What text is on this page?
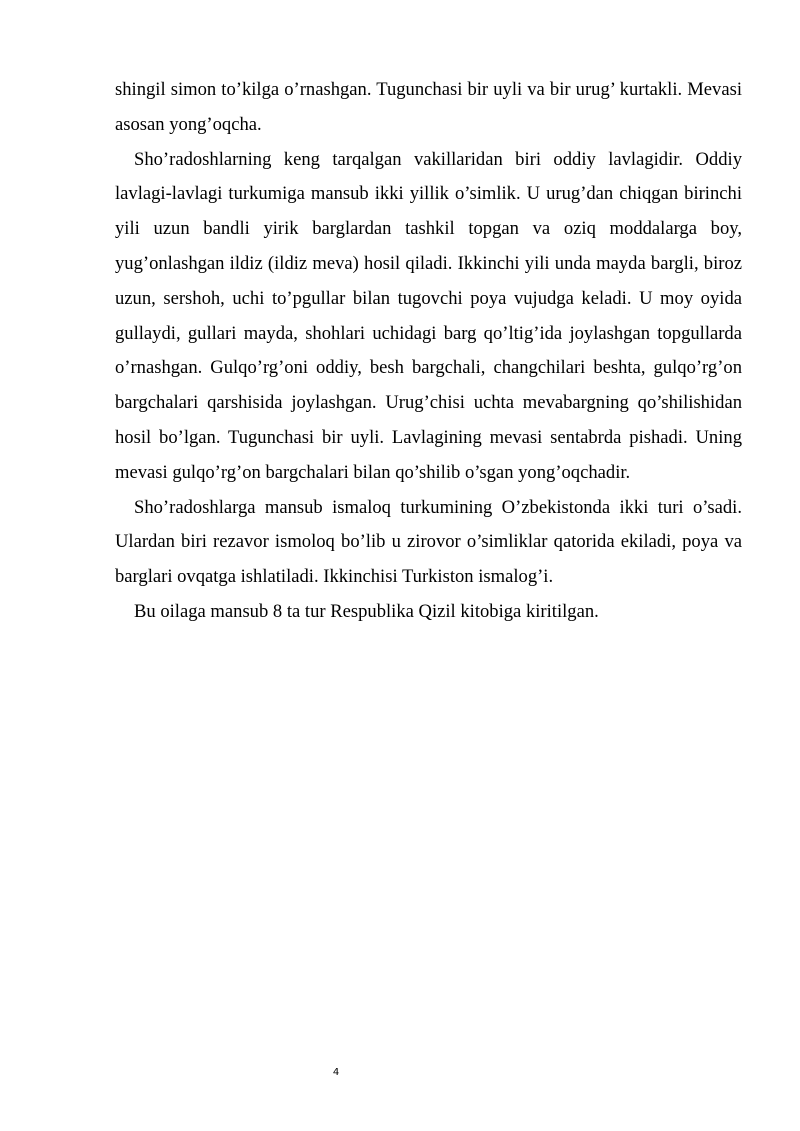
shingil simon to’kilga o’rnashgan. Tugunchasi bir uyli va bir urug’ kurtakli. Mevasi asosan yong’oqcha.

Sho’radoshlarning keng tarqalgan vakillaridan biri oddiy lavlagidir. Oddiy lavlagi-lavlagi turkumiga mansub ikki yillik o’simlik. U urug’dan chiqgan birinchi yili uzun bandli yirik barglardan tashkil topgan va oziq moddalarga boy, yug’onlashgan ildiz (ildiz meva) hosil qiladi. Ikkinchi yili unda mayda bargli, biroz uzun, sershoh, uchi to’pgullar bilan tugovchi poya vujudga keladi. U moy oyida gullaydi, gullari mayda, shohlari uchidagi barg qo’ltig’ida joylashgan topgullarda o’rnashgan. Gulqo’rg’oni oddiy, besh bargchali, changchilari beshta, gulqo’rg’on bargchalari qarshisida joylashgan. Urug’chisi uchta mevabargning qo’shilishidan hosil bo’lgan. Tugunchasi bir uyli. Lavlagining mevasi sentabrda pishadi. Uning mevasi gulqo’rg’on bargchalari bilan qo’shilib o’sgan yong’oqchadir.

Sho’radoshlarga mansub ismaloq turkumining O’zbekistonda ikki turi o’sadi. Ulardan biri rezavor ismoloq bo’lib u zirovor o’simliklar qatorida ekiladi, poya va barglari ovqatga ishlatiladi. Ikkinchisi Turkiston ismalog’i.

Bu oilaga mansub 8 ta tur Respublika Qizil kitobiga kiritilgan.

4
